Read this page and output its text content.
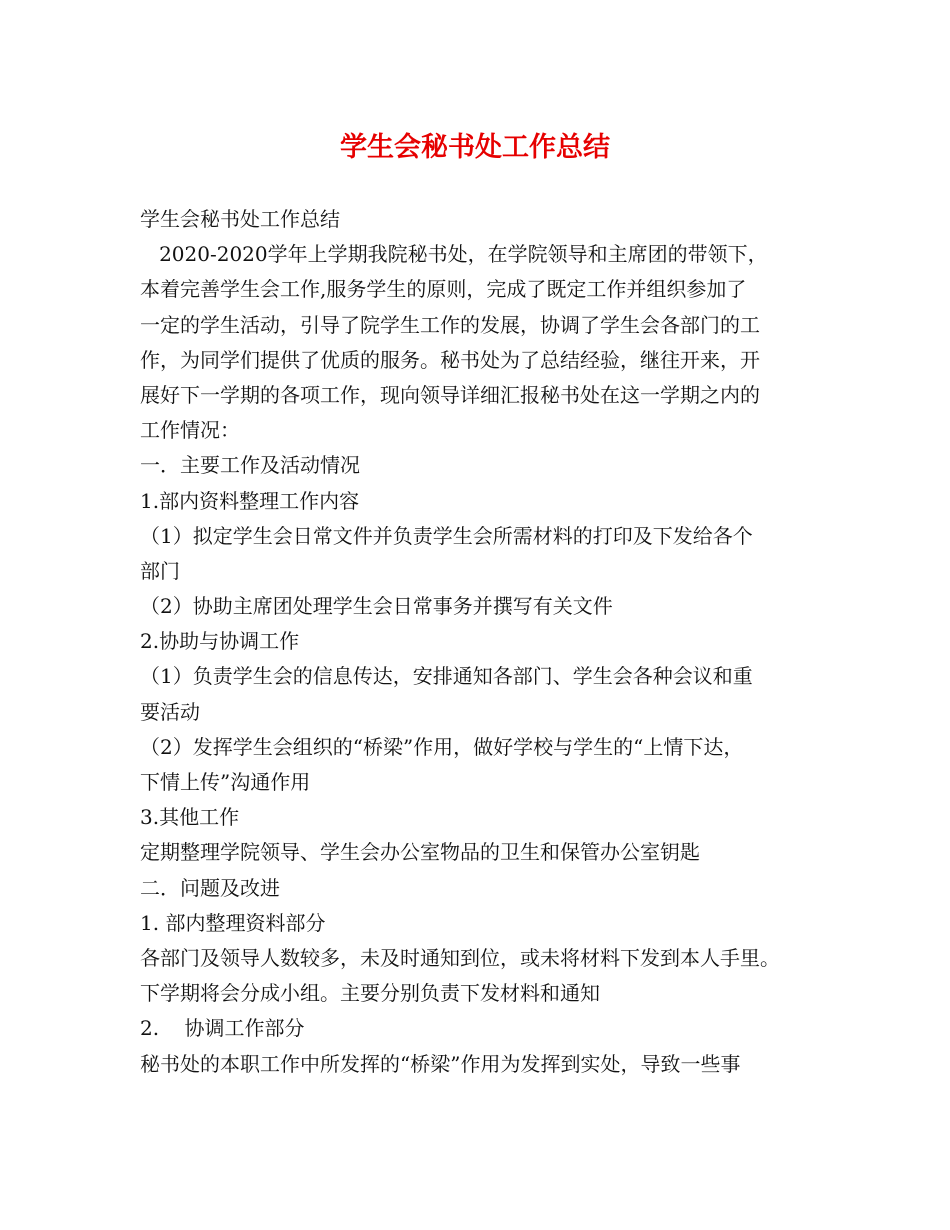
学生会秘书处工作总结
学生会秘书处工作总结
2020-2020学年上学期我院秘书处，在学院领导和主席团的带领下，
本着完善学生会工作,服务学生的原则，完成了既定工作并组织参加了
一定的学生活动，引导了院学生工作的发展，协调了学生会各部门的工
作，为同学们提供了优质的服务。秘书处为了总结经验，继往开来，开
展好下一学期的各项工作，现向领导详细汇报秘书处在这一学期之内的
工作情况：
一．主要工作及活动情况
1.部内资料整理工作内容
（1）拟定学生会日常文件并负责学生会所需材料的打印及下发给各个
部门
（2）协助主席团处理学生会日常事务并撰写有关文件
2.协助与协调工作
（1）负责学生会的信息传达，安排通知各部门、学生会各种会议和重
要活动
（2）发挥学生会组织的“桥梁”作用，做好学校与学生的“上情下达，
下情上传”沟通作用
3.其他工作
定期整理学院领导、学生会办公室物品的卫生和保管办公室钥匙
二．问题及改进
1. 部内整理资料部分
各部门及领导人数较多，未及时通知到位，或未将材料下发到本人手里。
下学期将会分成小组。主要分别负责下发材料和通知
2.    协调工作部分
秘书处的本职工作中所发挥的“桥梁”作用为发挥到实处，导致一些事
